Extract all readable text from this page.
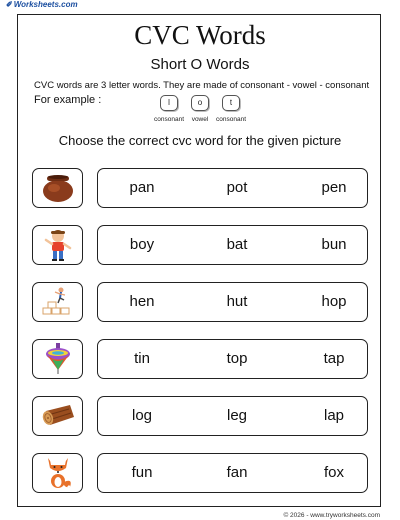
✐Worksheets.com
CVC Words
Short O Words
CVC words are 3 letter words. They are made of consonant - vowel - consonant
For example :	l	o	t
consonant	vowel	consonant
Choose the correct cvc word for the given picture
pan	pot	pen
boy	bat	bun
hen	hut	hop
tin	top	tap
log	leg	lap
fun	fan	fox
© 2026 - www.tryworksheets.com
